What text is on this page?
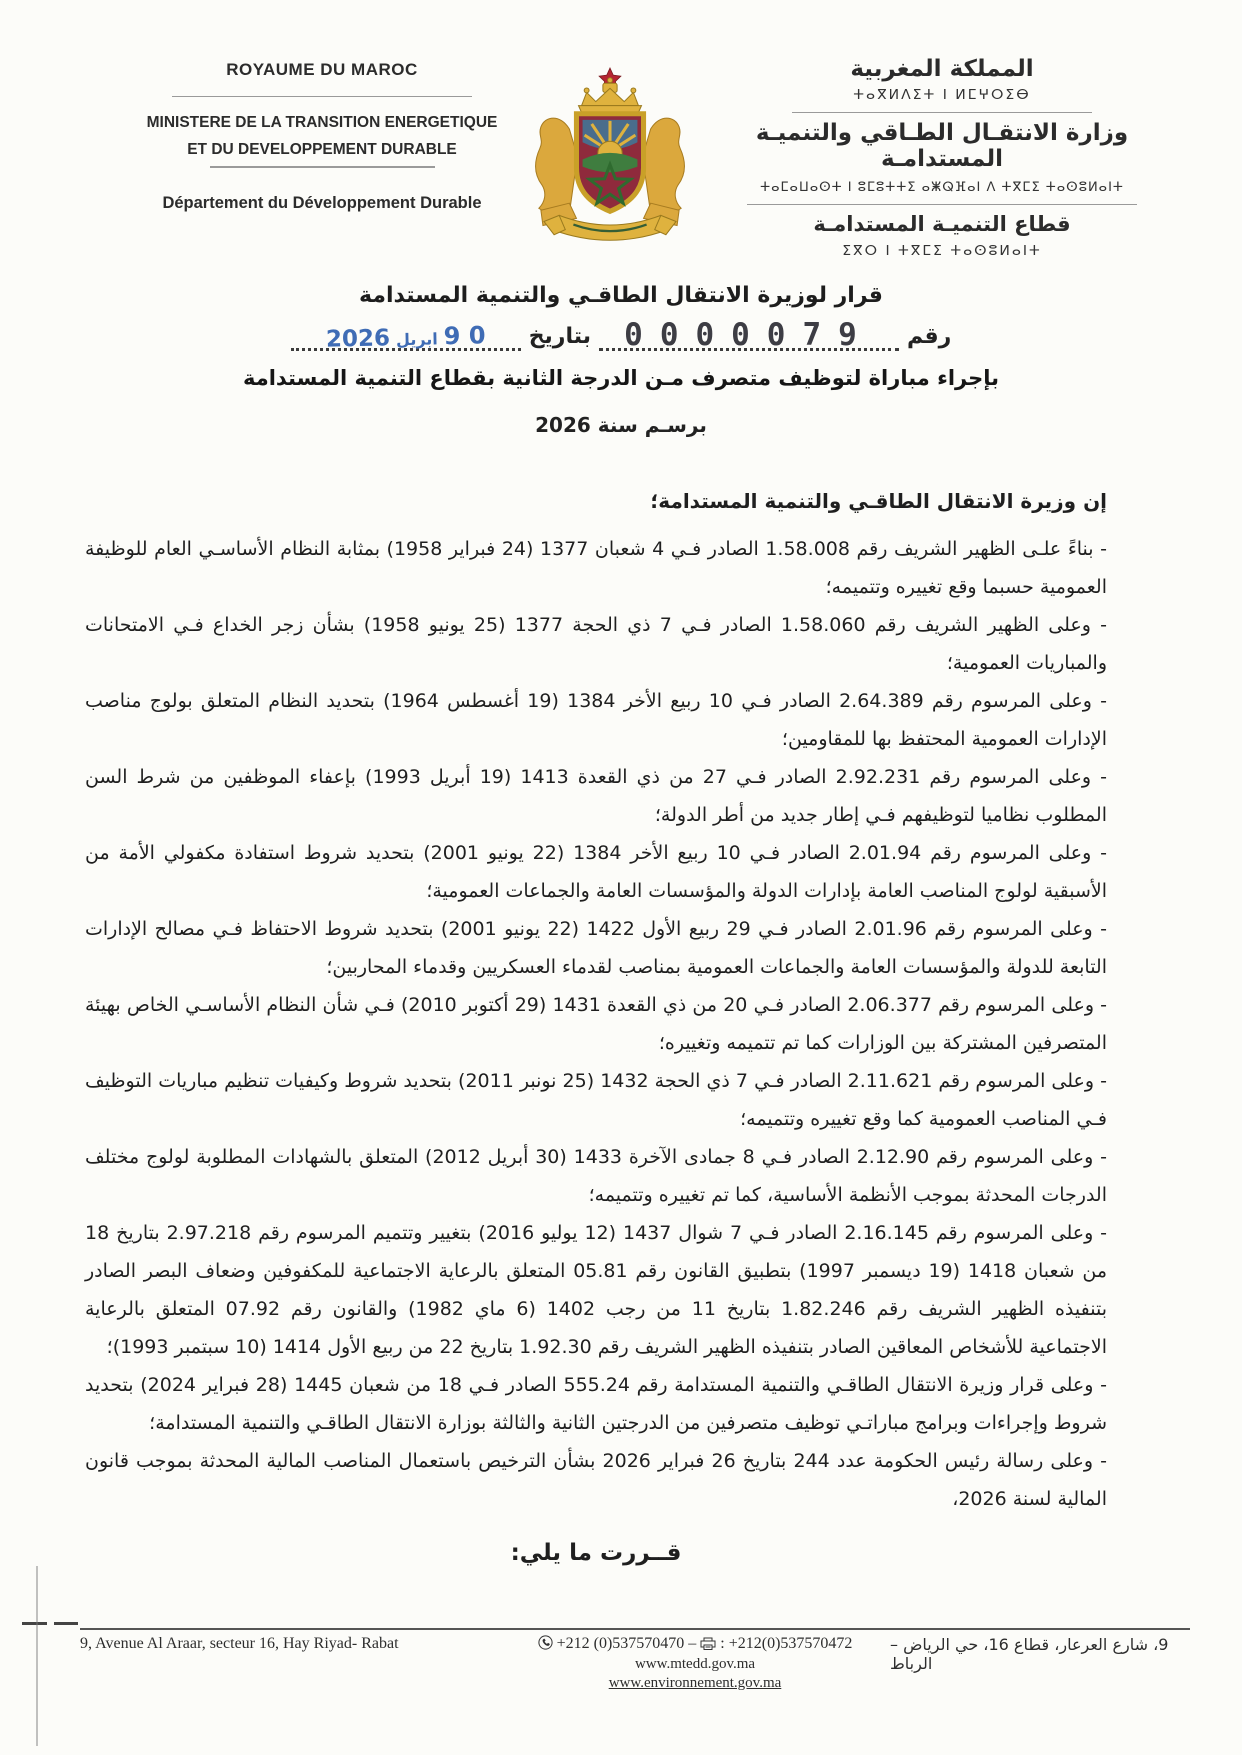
ROYAUME DU MAROC
MINISTERE DE LA TRANSITION ENERGETIQUE
ET DU DEVELOPPEMENT DURABLE
Département du Développement Durable
المملكة المغربية
ⵜⴰⴳⵍⴷⵉⵜ ⵏ ⵍⵎⵖⵔⵉⴱ
وزارة الانتقـال الطـاقي والتنميـة المستدامـة
ⵜⴰⵎⴰⵡⴰⵙⵜ ⵏ ⵓⵎⵓⵜⵜⵉ ⴰⵥⵕⴼⴰⵏ ⴷ ⵜⴳⵎⵉ ⵜⴰⵙⵓⵍⴰⵏⵜ
قطاع التنميـة المستدامـة
ⵉⴳⵔ ⵏ ⵜⴳⵎⵉ ⵜⴰⵙⵓⵍⴰⵏⵜ
قرار لوزيرة الانتقال الطاقـي والتنمية المستدامة
رقم
0000079
بتاريخ
0 9ابريل2026
بإجراء مباراة لتوظيف متصرف مـن الدرجة الثانية بقطاع التنمية المستدامة
برسـم سنة 2026

إن وزيرة الانتقال الطاقـي والتنمية المستدامة؛

- بناءً علـى الظهير الشريف رقم 1.58.008 الصادر فـي 4 شعبان 1377 (24 فبراير 1958) بمثابة النظام الأساسـي العام للوظيفة العمومية حسبما وقع تغييره وتتميمه؛

- وعلى الظهير الشريف رقم 1.58.060 الصادر فـي 7 ذي الحجة 1377 (25 يونيو 1958) بشأن زجر الخداع فـي الامتحانات والمباريات العمومية؛

- وعلى المرسوم رقم 2.64.389 الصادر فـي 10 ربيع الأخر 1384 (19 أغسطس 1964) بتحديد النظام المتعلق بولوج مناصب الإدارات العمومية المحتفظ بها للمقاومين؛

- وعلى المرسوم رقم 2.92.231 الصادر فـي 27 من ذي القعدة 1413 (19 أبريل 1993) بإعفاء الموظفين من شرط السن المطلوب نظاميا لتوظيفهم فـي إطار جديد من أطر الدولة؛

- وعلى المرسوم رقم 2.01.94 الصادر فـي 10 ربيع الأخر 1384 (22 يونيو 2001) بتحديد شروط استفادة مكفولي الأمة من الأسبقية لولوج المناصب العامة بإدارات الدولة والمؤسسات العامة والجماعات العمومية؛

- وعلى المرسوم رقم 2.01.96 الصادر فـي 29 ربيع الأول 1422 (22 يونيو 2001) بتحديد شروط الاحتفاظ فـي مصالح الإدارات التابعة للدولة والمؤسسات العامة والجماعات العمومية بمناصب لقدماء العسكريين وقدماء المحاربين؛

- وعلى المرسوم رقم 2.06.377 الصادر فـي 20 من ذي القعدة 1431 (29 أكتوبر 2010) فـي شأن النظام الأساسـي الخاص بهيئة المتصرفين المشتركة بين الوزارات كما تم تتميمه وتغييره؛

- وعلى المرسوم رقم 2.11.621 الصادر فـي 7 ذي الحجة 1432 (25 نونبر 2011) بتحديد شروط وكيفيات تنظيم مباريات التوظيف فـي المناصب العمومية كما وقع تغييره وتتميمه؛

- وعلى المرسوم رقم 2.12.90 الصادر فـي 8 جمادى الآخرة 1433 (30 أبريل 2012) المتعلق بالشهادات المطلوبة لولوج مختلف الدرجات المحدثة بموجب الأنظمة الأساسية، كما تم تغييره وتتميمه؛

- وعلى المرسوم رقم 2.16.145 الصادر فـي 7 شوال 1437 (12 يوليو 2016) بتغيير وتتميم المرسوم رقم 2.97.218 بتاريخ 18 من شعبان 1418 (19 ديسمبر 1997) بتطبيق القانون رقم 05.81 المتعلق بالرعاية الاجتماعية للمكفوفين وضعاف البصر الصادر بتنفيذه الظهير الشريف رقم 1.82.246 بتاريخ 11 من رجب 1402 (6 ماي 1982) والقانون رقم 07.92 المتعلق بالرعاية الاجتماعية للأشخاص المعاقين الصادر بتنفيذه الظهير الشريف رقم 1.92.30 بتاريخ 22 من ربيع الأول 1414 (10 سبتمبر 1993)؛

- وعلى قرار وزيرة الانتقال الطاقـي والتنمية المستدامة رقم 555.24 الصادر فـي 18 من شعبان 1445 (28 فبراير 2024) بتحديد شروط وإجراءات وبرامج مباراتـي توظيف متصرفين من الدرجتين الثانية والثالثة بوزارة الانتقال الطاقـي والتنمية المستدامة؛

- وعلى رسالة رئيس الحكومة عدد 244 بتاريخ 26 فبراير 2026 بشأن الترخيص باستعمال المناصب المالية المحدثة بموجب قانون المالية لسنة 2026،

قــررت ما يلي:
9, Avenue Al Araar, secteur 16, Hay Riyad- Rabat	+212 (0)537570470 – : +212(0)537570472
www.mtedd.gov.ma
www.environnement.gov.ma
9، شارع العرعار، قطاع 16، حي الرياض – الرباط
